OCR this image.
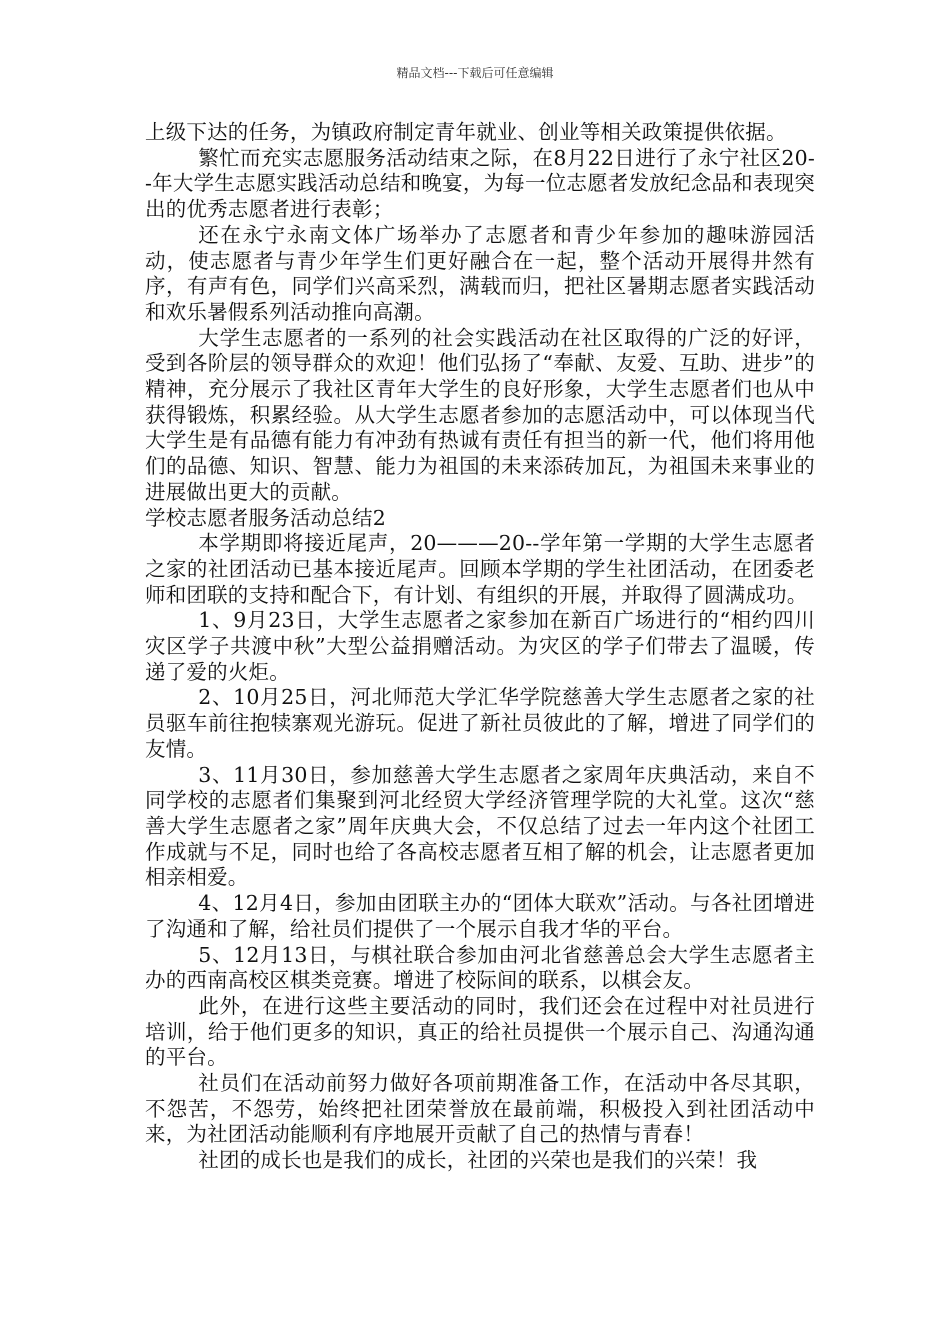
精品文档---下载后可任意编辑

上级下达的任务，为镇政府制定青年就业、创业等相关政策提供依据。

繁忙而充实志愿服务活动结束之际，在8月22日进行了永宁社区20--年大学生志愿实践活动总结和晚宴，为每一位志愿者发放纪念品和表现突出的优秀志愿者进行表彰；

还在永宁永南文体广场举办了志愿者和青少年参加的趣味游园活动，使志愿者与青少年学生们更好融合在一起，整个活动开展得井然有序，有声有色，同学们兴高采烈，满载而归，把社区暑期志愿者实践活动和欢乐暑假系列活动推向高潮。

大学生志愿者的一系列的社会实践活动在社区取得的广泛的好评，受到各阶层的领导群众的欢迎！他们弘扬了“奉献、友爱、互助、进步”的精神，充分展示了我社区青年大学生的良好形象，大学生志愿者们也从中获得锻炼，积累经验。从大学生志愿者参加的志愿活动中，可以体现当代大学生是有品德有能力有冲劲有热诚有责任有担当的新一代，他们将用他们的品德、知识、智慧、能力为祖国的未来添砖加瓦，为祖国未来事业的进展做出更大的贡献。

学校志愿者服务活动总结2

本学期即将接近尾声，20———20--学年第一学期的大学生志愿者之家的社团活动已基本接近尾声。回顾本学期的学生社团活动，在团委老师和团联的支持和配合下，有计划、有组织的开展，并取得了圆满成功。

1、9月23日，大学生志愿者之家参加在新百广场进行的“相约四川灾区学子共渡中秋”大型公益捐赠活动。为灾区的学子们带去了温暖，传递了爱的火炬。

2、10月25日，河北师范大学汇华学院慈善大学生志愿者之家的社员驱车前往抱犊寨观光游玩。促进了新社员彼此的了解，增进了同学们的友情。

3、11月30日，参加慈善大学生志愿者之家周年庆典活动，来自不同学校的志愿者们集聚到河北经贸大学经济管理学院的大礼堂。这次“慈善大学生志愿者之家”周年庆典大会，不仅总结了过去一年内这个社团工作成就与不足，同时也给了各高校志愿者互相了解的机会，让志愿者更加相亲相爱。

4、12月4日，参加由团联主办的“团体大联欢”活动。与各社团增进了沟通和了解，给社员们提供了一个展示自我才华的平台。

5、12月13日，与棋社联合参加由河北省慈善总会大学生志愿者主办的西南高校区棋类竞赛。增进了校际间的联系，以棋会友。

此外，在进行这些主要活动的同时，我们还会在过程中对社员进行培训，给于他们更多的知识，真正的给社员提供一个展示自己、沟通沟通的平台。

社员们在活动前努力做好各项前期准备工作，在活动中各尽其职，不怨苦，不怨劳，始终把社团荣誉放在最前端，积极投入到社团活动中来，为社团活动能顺利有序地展开贡献了自己的热情与青春！

社团的成长也是我们的成长，社团的兴荣也是我们的兴荣！我
